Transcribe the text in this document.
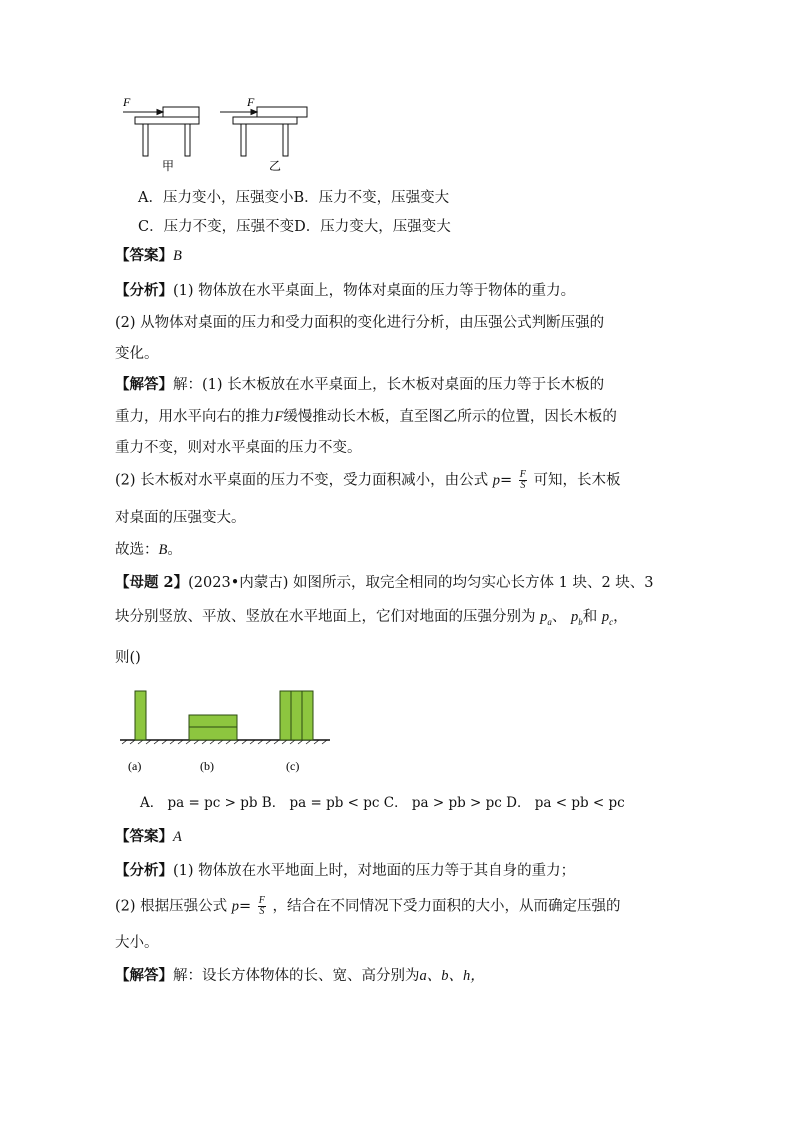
F	F
甲	乙
A．压力变小，压强变小B．压力不变，压强变大
C．压力不变，压强不变D．压力变大，压强变大
【答案】B
【分析】(1) 物体放在水平桌面上，物体对桌面的压力等于物体的重力。
(2) 从物体对桌面的压力和受力面积的变化进行分析，由压强公式判断压强的
变化。
【解答】解：(1) 长木板放在水平桌面上，长木板对桌面的压力等于长木板的
重力，用水平向右的推力F缓慢推动长木板，直至图乙所示的位置，因长木板的
重力不变，则对水平桌面的压力不变。
(2) 长木板对水平桌面的压力不变，受力面积减小，由公式 $p= \frac{F}{S}$ 可知，长木板
对桌面的压强变大。
故选：B。
【母题 2】(2023•内蒙古) 如图所示，取完全相同的均匀实心长方体 1 块、2 块、3
块分别竖放、平放、竖放在水平地面上，它们对地面的压强分别为 $p_a$、 $p_b$和 $p_c$，
则()
(a)	(b)	(c)
A． pa = pc > pb B． pa = pb < pc C． pa > pb > pc D． pa < pb < pc
【答案】A
【分析】(1) 物体放在水平地面上时，对地面的压力等于其自身的重力；
(2) 根据压强公式 $p= \frac{F}{S}$ ，结合在不同情况下受力面积的大小，从而确定压强的
大小。
【解答】解：设长方体物体的长、宽、高分别为a、b、h，
